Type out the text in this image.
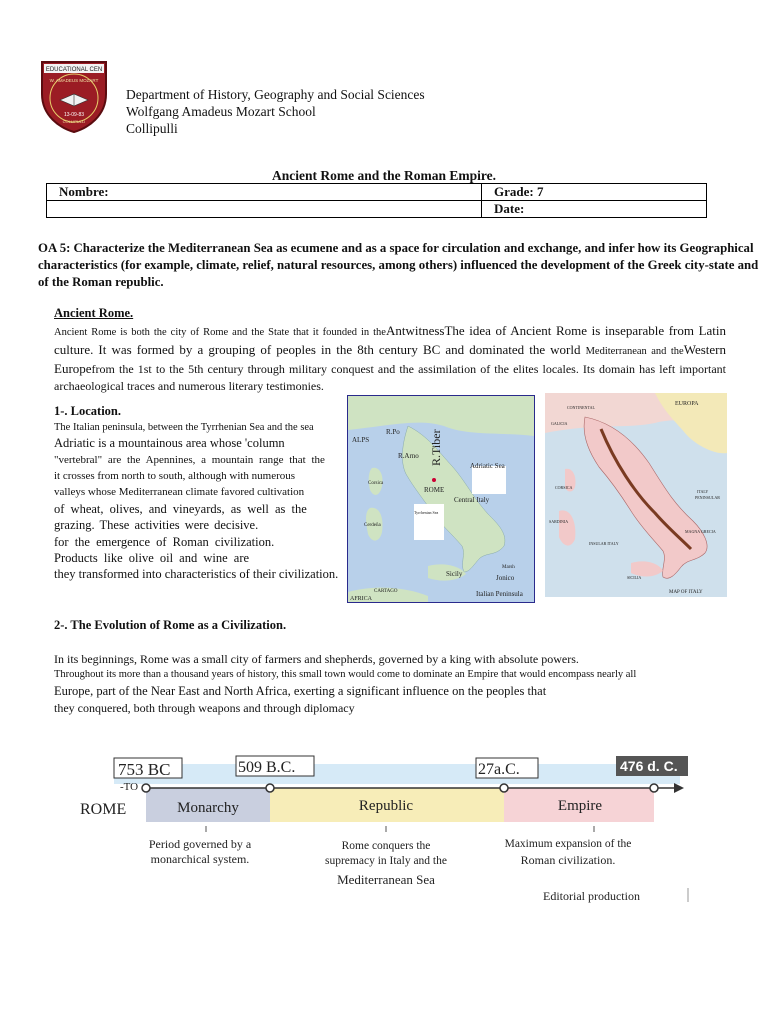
EDUCATIONAL CEN
W. AMADEUS MOZART
13-09-83
COLLIPULLI
Department of History, Geography and Social Sciences
Wolfgang Amadeus Mozart School
Collipulli
Ancient Rome and the Roman Empire.
Nombre:	Grade: 7
	Date:
OA 5: Characterize the Mediterranean Sea as ecumene and as a space for circulation and exchange, and infer how its Geographical characteristics (for example, climate, relief, natural resources, among others) influenced the development of the Greek city-state and of the Roman republic.
Ancient Rome.
Ancient Rome is both the city of Rome and the State that it founded in theAntwitnessThe idea of Ancient Rome is inseparable from Latin culture. It was formed by a grouping of peoples in the 8th century BC and dominated the world Mediterranean and theWestern Europefrom the 1st to the 5th century through military conquest and the assimilation of the elites locales. Its domain has left important archaeological traces and numerous literary testimonies.
1-. Location.
The Italian peninsula, between the Tyrrhenian Sea and the sea
Adriatic is a mountainous area whose 'column
"vertebral" are the Apennines, a mountain range that the
it crosses from north to south, although with numerous
valleys whose Mediterranean climate favored cultivation
of wheat, olives, and vineyards, as well as the
grazing. These activities were decisive.
for the emergence of Roman civilization.
Products like olive oil and wine are
they transformed into characteristics of their civilization.
ALPS
R.Po
R.Arno R.Tiber	Adriatic Sea
ROME
Central Italy
Corsica
Cerdeña
Tyrrhenian Sea
Sicily	Jonico
Marsh
CARTAGO
AFRICA
Italian Peninsula
EUROPA
CONTINENTAL
GALICIA
ITALY
PENINSULAR
CORSICA
SARDINIA
INSULAR ITALY
MAGNA GRECIA
SICILIA
MAP OF ITALY
2-. The Evolution of Rome as a Civilization.
In its beginnings, Rome was a small city of farmers and shepherds, governed by a king with absolute powers.
Throughout its more than a thousand years of history, this small town would come to dominate an Empire that would encompass nearly all
Europe, part of the Near East and North Africa, exerting a significant influence on the peoples that
they conquered, both through weapons and through diplomacy
753 BC
-TO
509 B.C.	27a.C.	476 d. C.
ROME	Monarchy	Republic	Empire
Period governed by a
monarchical system.
Rome conquers the
supremacy in Italy and the
Mediterranean Sea
Maximum expansion of the
Roman civilization.
Editorial production
